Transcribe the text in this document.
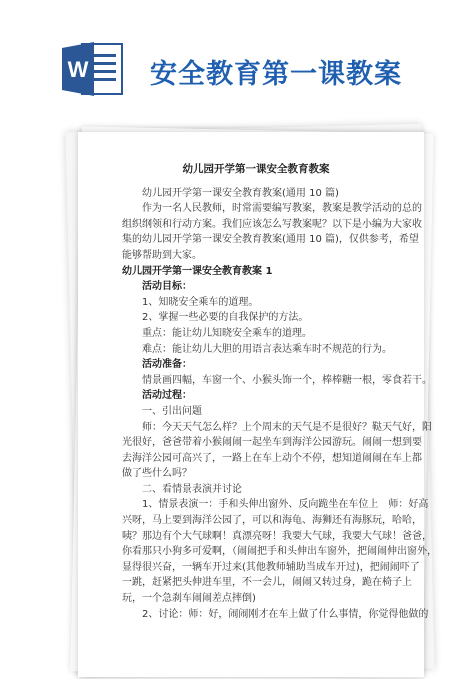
W 安全教育第一课教案
幼儿园开学第一课安全教育教案

幼儿园开学第一课安全教育教案(通用 10 篇)

作为一名人民教师，时常需要编写教案，教案是教学活动的总的

组织纲领和行动方案。我们应该怎么写教案呢？以下是小编为大家收

集的幼儿园开学第一课安全教育教案(通用 10 篇)，仅供参考，希望

能够帮助到大家。

幼儿园开学第一课安全教育教案 1

活动目标：

1、知晓安全乘车的道理。

2、掌握一些必要的自我保护的方法。

重点：能让幼儿知晓安全乘车的道理。

难点：能让幼儿大胆的用语言表达乘车时不规范的行为。

活动准备：

情景画四幅，车窗一个、小猴头饰一个，棒棒糖一根，零食若干。

活动过程：

一、引出问题

师：今天天气怎么样？上个周末的天气是不是很好？鞑天气好，阳

光很好，爸爸带着小猴闹闹一起坐车到海洋公园游玩。闹闹一想到要

去海洋公园可高兴了，一路上在车上动个不停，想知道闹闹在车上都

做了些什么吗？

二、看情景表演并讨论

1、情景表演一：手和头伸出窗外、反向跪坐在车位上　师：好高

兴呀，马上要到海洋公园了，可以和海龟、海狮还有海豚玩，哈哈，

咦？那边有个大气球啊！真漂亮呀！我要大气球，我要大气球！爸爸，

你看那只小狗多可爱啊，（闹闹把手和头伸出车窗外，把闹闹伸出窗外，

显得很兴奋，一辆车开过来(其他教师辅助当成车开过)，把闹闹吓了

一跳，赶紧把头伸进车里，不一会儿，闹闹又转过身，跪在椅子上

玩，一个急刹车闹闹差点摔倒)

2、讨论：师：好，闹闹刚才在车上做了什么事情，你觉得他做的
